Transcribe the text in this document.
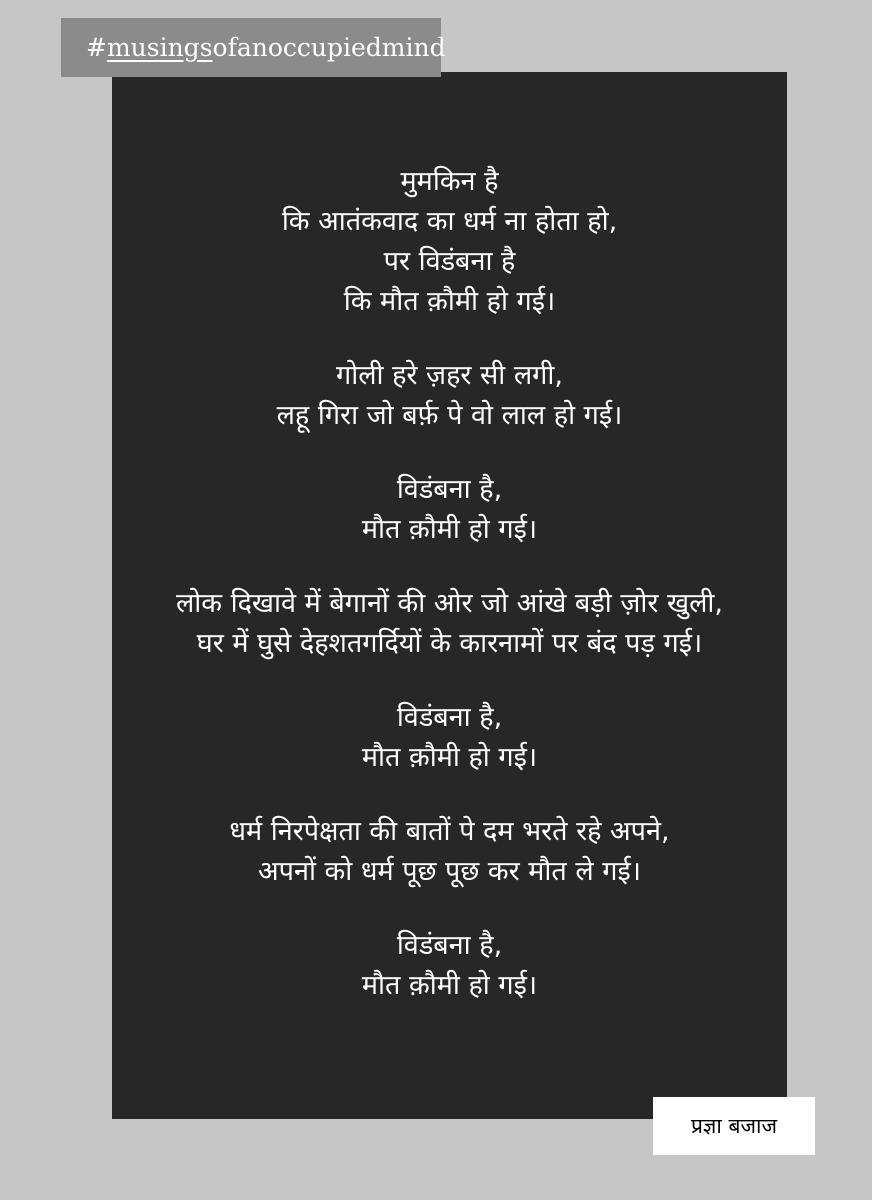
#musingsofanoccupiedmind
मुमकिन है
कि आतंकवाद का धर्म ना होता हो,
पर विडंबना है
कि मौत क़ौमी हो गई।
गोली हरे ज़हर सी लगी,
लहू गिरा जो बर्फ़ पे वो लाल हो गई।
विडंबना है,
मौत क़ौमी हो गई।
लोक दिखावे में बेगानों की ओर जो आंखे बड़ी ज़ोर खुली,
घर में घुसे देहशतगर्दियों के कारनामों पर बंद पड़ गई।
विडंबना है,
मौत क़ौमी हो गई।
धर्म निरपेक्षता की बातों पे दम भरते रहे अपने,
अपनों को धर्म पूछ पूछ कर मौत ले गई।
विडंबना है,
मौत क़ौमी हो गई।
प्रज्ञा बजाज
